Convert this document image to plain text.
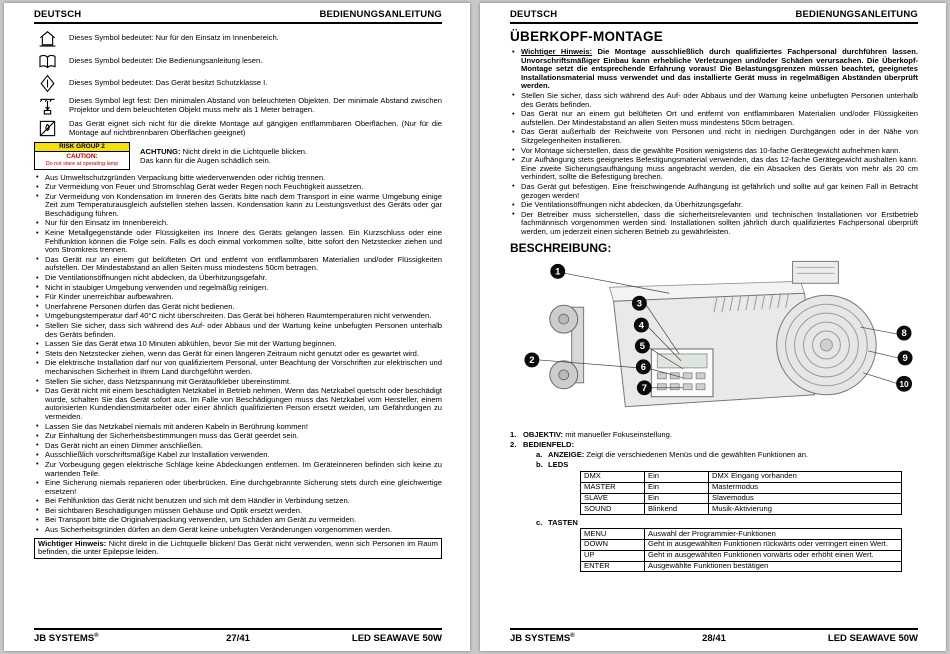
DEUTSCH	BEDIENUNGSANLEITUNG
Dieses Symbol bedeutet: Nur für den Einsatz im Innenbereich.
Dieses Symbol bedeutet: Die Bedienungsanleitung lesen.
Dieses Symbol bedeutet: Das Gerät besitzt Schutzklasse I.
Dieses Symbol legt fest: Den minimalen Abstand von beleuchteten Objekten. Der minimale Abstand zwischen Projektor und dem beleuchteten Objekt muss mehr als 1 Meter betragen.
Das Gerät eignet sich nicht für die direkte Montage auf gängigen entflammbaren Oberflächen. (Nur für die Montage auf nichtbrennbaren Oberflächen geeignet)
RISK GROUP 2
CAUTION:
Do not stare at operating lamp
ACHTUNG: Nicht direkt in die Lichtquelle blicken.
Das kann für die Augen schädlich sein.
• Aus Umweltschutzgründen Verpackung bitte wiederverwenden oder richtig trennen.
• Zur Vermeidung von Feuer und Stromschlag Gerät weder Regen noch Feuchtigkeit aussetzen.
• Zur Vermeidung von Kondensation im Inneren des Geräts bitte nach dem Transport in eine warme Umgebung einige Zeit zum Temperaturausgleich aufstellen stehen lassen. Kondensation kann zu Leistungsverlust des Geräts oder gar Beschädigung führen.
• Nur für den Einsatz im Innenbereich.
• Keine Metallgegenstände oder Flüssigkeiten ins Innere des Geräts gelangen lassen. Ein Kurzschluss oder eine Fehlfunktion können die Folge sein. Falls es doch einmal vorkommen sollte, bitte sofort den Netzstecker ziehen und vom Stromkreis trennen.
• Das Gerät nur an einem gut belüfteten Ort und entfernt von entflammbaren Materialien und/oder Flüssigkeiten aufstellen. Der Mindestabstand an allen Seiten muss mindestens 50cm betragen.
• Die Ventilationsöffnungen nicht abdecken, da Überhitzungsgefahr.
• Nicht in staubiger Umgebung verwenden und regelmäßig reinigen.
• Für Kinder unerreichbar aufbewahren.
• Unerfahrene Personen dürfen das Gerät nicht bedienen.
• Umgebungstemperatur darf 40°C nicht überschreiten. Das Gerät bei höheren Raumtemperaturen nicht verwenden.
• Stellen Sie sicher, dass sich während des Auf- oder Abbaus und der Wartung keine unbefugten Personen unterhalb des Geräts befinden.
• Lassen Sie das Gerät etwa 10 Minuten abkühlen, bevor Sie mit der Wartung beginnen.
• Stets den Netzstecker ziehen, wenn das Gerät für einen längeren Zeitraum nicht genutzt oder es gewartet wird.
• Die elektrische Installation darf nur von qualifiziertem Personal, unter Beachtung der Vorschriften zur elektrischen und mechanischen Sicherheit in Ihrem Land durchgeführt werden.
• Stellen Sie sicher, dass Netzspannung mit Gerätaufkleber übereinstimmt.
• Das Gerät nicht mit einem beschädigten Netzkabel in Betrieb nehmen. Wenn das Netzkabel quetscht oder beschädigt wurde, schalten Sie das Gerät sofort aus. Im Falle von Beschädigungen muss das Netzkabel vom Hersteller, einem autorisierten Kundendienstmitarbeiter oder einer ähnlich qualifizierten Person ersetzt werden, um Gefährdungen zu vermeiden.
• Lassen Sie das Netzkabel niemals mit anderen Kabeln in Berührung kommen!
• Zur Einhaltung der Sicherheitsbestimmungen muss das Gerät geerdet sein.
• Das Gerät nicht an einen Dimmer anschließen.
• Ausschließlich vorschriftsmäßige Kabel zur Installation verwenden.
• Zur Vorbeugung gegen elektrische Schläge keine Abdeckungen entfernen. Im Geräteinneren befinden sich keine zu wartenden Teile.
• Eine Sicherung niemals reparieren oder überbrücken. Eine durchgebrannte Sicherung stets durch eine gleichwertige ersetzen!
• Bei Fehlfunktion das Gerät nicht benutzen und sich mit dem Händler in Verbindung setzen.
• Bei sichtbaren Beschädigungen müssen Gehäuse und Optik ersetzt werden.
• Bei Transport bitte die Originalverpackung verwenden, um Schäden am Gerät zu vermeiden.
• Aus Sicherheitsgründen dürfen an dem Gerät keine unbefugten Veränderungen vorgenommen werden.
Wichtiger Hinweis: Nicht direkt in die Lichtquelle blicken! Das Gerät nicht verwenden, wenn sich Personen im Raum befinden, die unter Epilepsie leiden.
JB SYSTEMS®	27/41	LED SEAWAVE 50W
DEUTSCH	BEDIENUNGSANLEITUNG
ÜBERKOPF-MONTAGE
• Wichtiger Hinweis: Die Montage ausschließlich durch qualifiziertes Fachpersonal durchführen lassen. Unvorschriftsmäßiger Einbau kann erhebliche Verletzungen und/oder Schäden verursachen. Die Überkopf-Montage setzt die entsprechende Erfahrung voraus! Die Belastungsgrenzen müssen beachtet, geeignetes Installationsmaterial muss verwendet und das installierte Gerät muss in regelmäßigen Abständen überprüft werden.
• Stellen Sie sicher, dass sich während des Auf- oder Abbaus und der Wartung keine unbefugten Personen unterhalb des Geräts befinden.
• Das Gerät nur an einem gut belüfteten Ort und entfernt von entflammbaren Materialien und/oder Flüssigkeiten aufstellen. Der Mindestabstand an allen Seiten muss mindestens 50cm betragen.
• Das Gerät außerhalb der Reichweite von Personen und nicht in niedrigen Durchgängen oder in der Nähe von Sitzgelegenheiten installieren.
• Vor Montage sicherstellen, dass die gewählte Position wenigstens das 10-fache Gerätegewicht aufnehmen kann.
• Zur Aufhängung stets geeignetes Befestigungsmaterial verwenden, das das 12-fache Gerätegewicht aushalten kann. Eine zweite Sicherungsaufhängung muss angebracht werden, die ein Absacken des Geräts von mehr als 20 cm verhindert, sollte die Befestigung brechen.
• Das Gerät gut befestigen. Eine freischwingende Aufhängung ist gefährlich und sollte auf gar keinen Fall in Betracht gezogen werden!
• Die Ventilationsöffnungen nicht abdecken, da Überhitzungsgefahr.
• Der Betreiber muss sicherstellen, dass die sicherheitsrelevanten und technischen Installationen vor Erstbetrieb fachmännisch vorgenommen werden sind. Installationen sollten jährlich durch qualifiziertes Fachpersonal überprüft werden, um jederzeit einen sicheren Betrieb zu gewährleisten.
BESCHREIBUNG:
1
2
3
4
5
6
7
8
9
10
1. OBJEKTIV: mit manueller Fokuseinstellung.
2. BEDIENFELD:
a. ANZEIGE: Zeigt die verschiedenen Menüs und die gewählten Funktionen an.
b. LEDS
DMX	Ein	DMX Eingang vorhanden
MASTER	Ein	Mastermodus
SLAVE	Ein	Slavemodus
SOUND	Blinkend	Musik-Aktivierung
c. TASTEN
MENU	Auswahl der Programmier-Funktionen
DOWN	Geht in ausgewählten Funktionen rückwärts oder verringert einen Wert.
UP	Geht in ausgewählten Funktionen vorwärts oder erhöht einen Wert.
ENTER	Ausgewählte Funktionen bestätigen
JB SYSTEMS®	28/41	LED SEAWAVE 50W
